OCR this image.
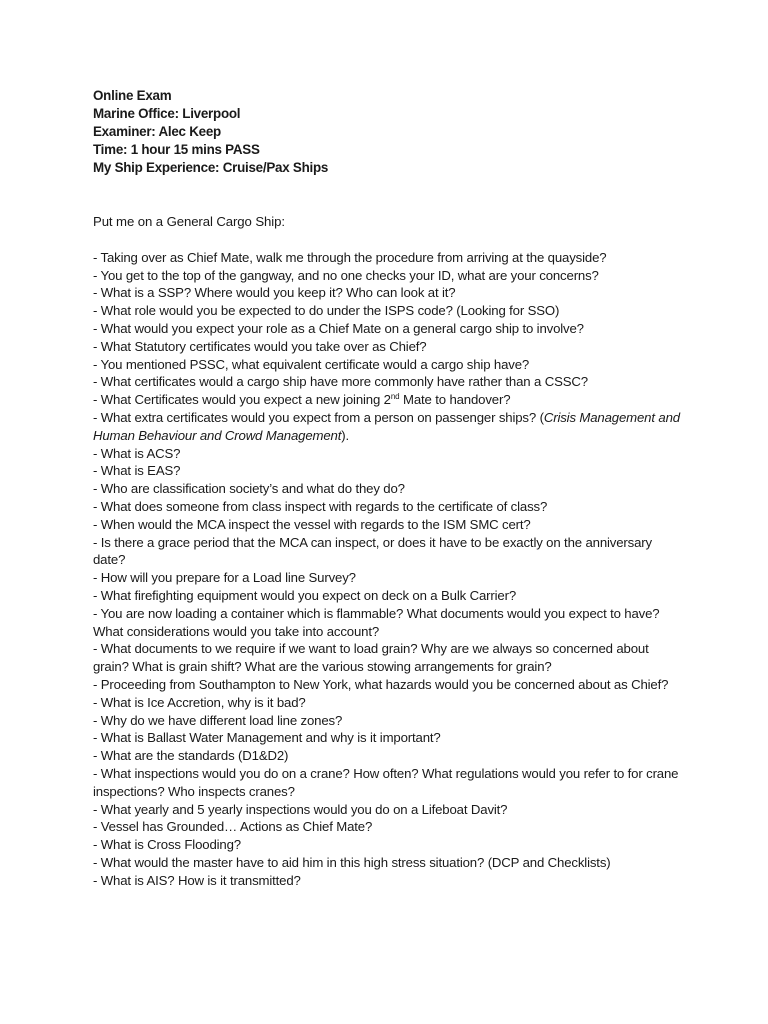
Online Exam
Marine Office: Liverpool
Examiner: Alec Keep
Time: 1 hour 15 mins PASS
My Ship Experience: Cruise/Pax Ships
Put me on a General Cargo Ship:

- Taking over as Chief Mate, walk me through the procedure from arriving at the quayside?

- You get to the top of the gangway, and no one checks your ID, what are your concerns?

- What is a SSP? Where would you keep it? Who can look at it?

- What role would you be expected to do under the ISPS code? (Looking for SSO)

- What would you expect your role as a Chief Mate on a general cargo ship to involve?

- What Statutory certificates would you take over as Chief?

- You mentioned PSSC, what equivalent certificate would a cargo ship have?

- What certificates would a cargo ship have more commonly have rather than a CSSC?

- What Certificates would you expect a new joining 2nd Mate to handover?

- What extra certificates would you expect from a person on passenger ships? (Crisis Management and Human Behaviour and Crowd Management).

- What is ACS?

- What is EAS?

- Who are classification society’s and what do they do?

- What does someone from class inspect with regards to the certificate of class?

- When would the MCA inspect the vessel with regards to the ISM SMC cert?

- Is there a grace period that the MCA can inspect, or does it have to be exactly on the anniversary date?

- How will you prepare for a Load line Survey?

- What firefighting equipment would you expect on deck on a Bulk Carrier?

- You are now loading a container which is flammable? What documents would you expect to have? What considerations would you take into account?

- What documents to we require if we want to load grain? Why are we always so concerned about grain? What is grain shift? What are the various stowing arrangements for grain?

- Proceeding from Southampton to New York, what hazards would you be concerned about as Chief?

- What is Ice Accretion, why is it bad?

- Why do we have different load line zones?

- What is Ballast Water Management and why is it important?

- What are the standards (D1&D2)

- What inspections would you do on a crane? How often? What regulations would you refer to for crane inspections? Who inspects cranes?

- What yearly and 5 yearly inspections would you do on a Lifeboat Davit?

- Vessel has Grounded… Actions as Chief Mate?

- What is Cross Flooding?

- What would the master have to aid him in this high stress situation? (DCP and Checklists)

- What is AIS? How is it transmitted?
